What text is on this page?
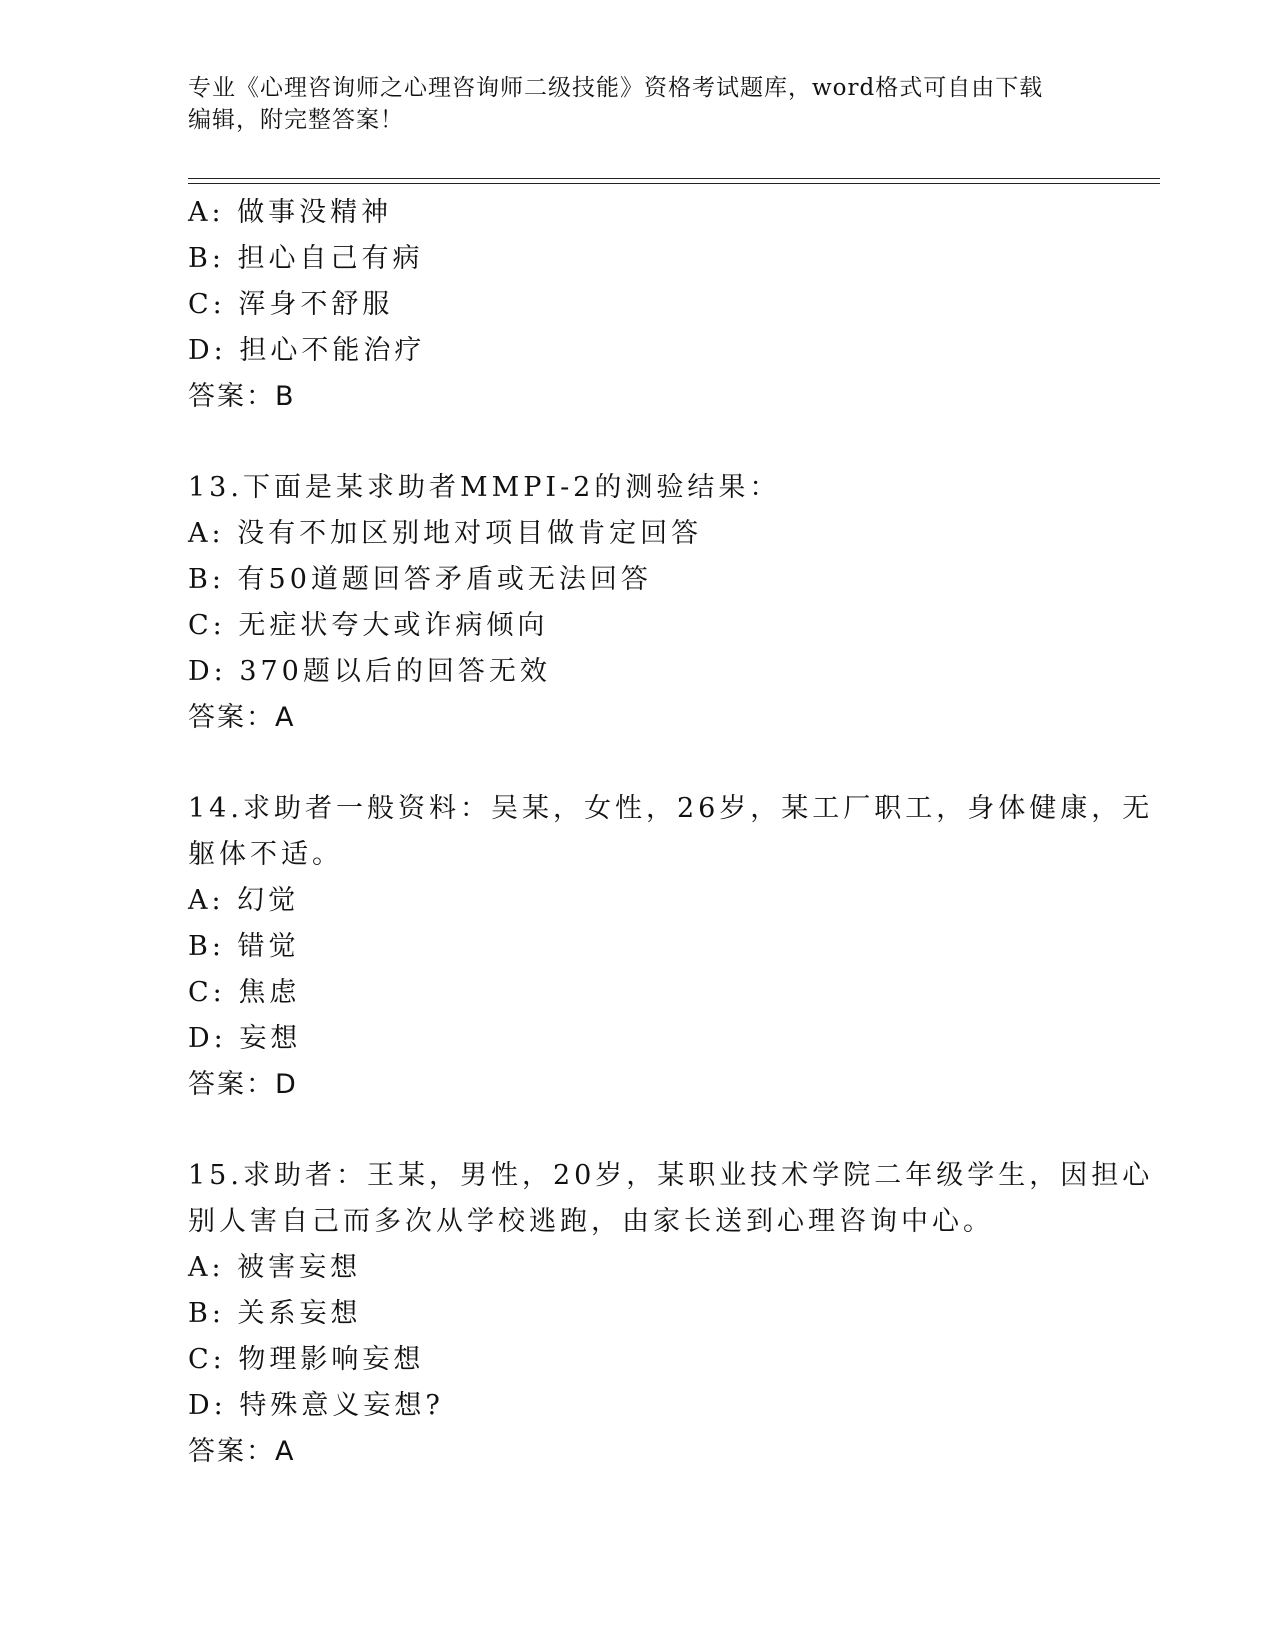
专业《心理咨询师之心理咨询师二级技能》资格考试题库，word格式可自由下载
编辑，附完整答案！
A: 做事没精神
B: 担心自己有病
C: 浑身不舒服
D: 担心不能治疗
答案：B
13.下面是某求助者MMPI-2的测验结果：
A: 没有不加区别地对项目做肯定回答
B: 有50道题回答矛盾或无法回答
C: 无症状夸大或诈病倾向
D: 370题以后的回答无效
答案：A
14.求助者一般资料：吴某，女性，26岁，某工厂职工，身体健康，无
躯体不适。
A: 幻觉
B: 错觉
C: 焦虑
D: 妄想
答案：D
15.求助者：王某，男性，20岁，某职业技术学院二年级学生，因担心
别人害自己而多次从学校逃跑，由家长送到心理咨询中心。
A: 被害妄想
B: 关系妄想
C: 物理影响妄想
D: 特殊意义妄想?
答案：A
